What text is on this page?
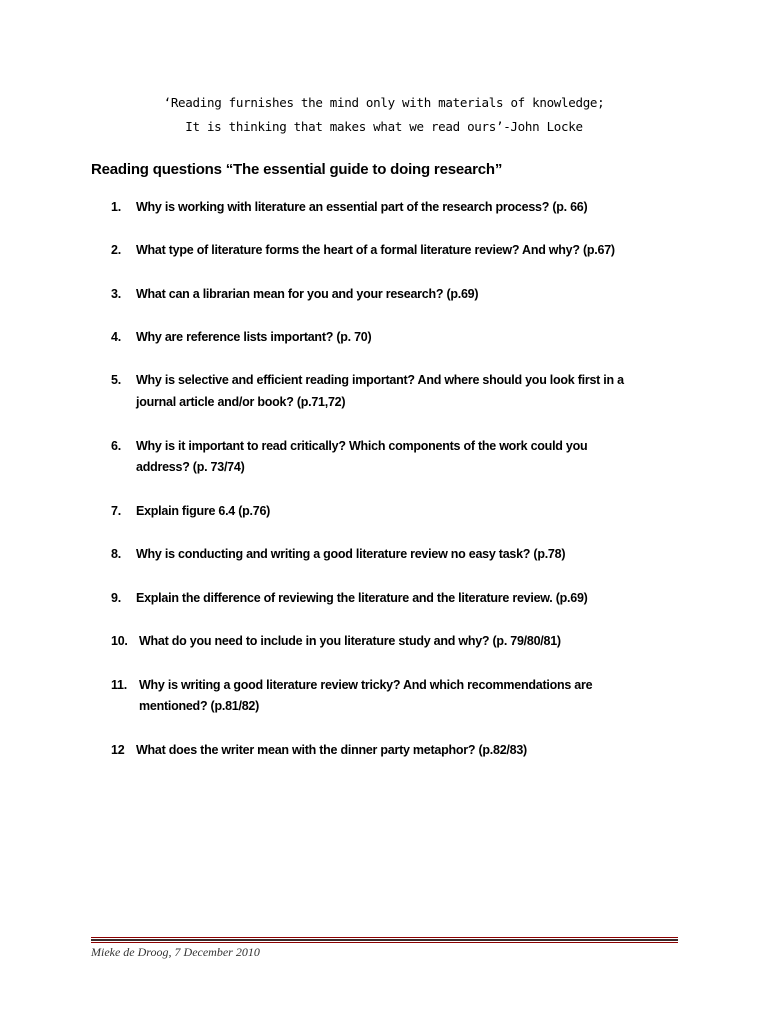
‘Reading furnishes the mind only with materials of knowledge;
It is thinking that makes what we read ours’-John Locke
Reading questions “The essential guide to doing research”
1. Why is working with literature an essential part of the research process? (p. 66)
2. What type of literature forms the heart of a formal literature review? And why? (p.67)
3. What can a librarian mean for you and your research? (p.69)
4. Why are reference lists important? (p. 70)
5. Why is selective and efficient reading important? And where should you look first in a
journal article and/or book? (p.71,72)
6. Why is it important to read critically? Which components of the work could you
address? (p. 73/74)
7. Explain figure 6.4 (p.76)
8. Why is conducting and writing a good literature review no easy task? (p.78)
9. Explain the difference of reviewing the literature and the literature review. (p.69)
10. What do you need to include in you literature study and why? (p. 79/80/81)
11. Why is writing a good literature review tricky? And which recommendations are
mentioned? (p.81/82)
12 What does the writer mean with the dinner party metaphor? (p.82/83)
Mieke de Droog, 7 December 2010
